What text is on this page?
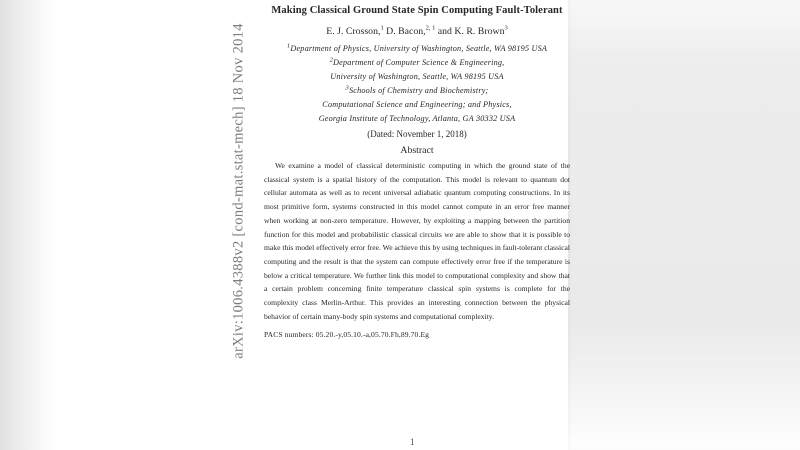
arXiv:1006.4388v2 [cond-mat.stat-mech] 18 Nov 2014
Making Classical Ground State Spin Computing Fault-Tolerant
E. J. Crosson,$^1$ D. Bacon,$^{2, 1}$ and K. R. Brown$^3$
$^1$Department of Physics, University of Washington, Seattle, WA 98195 USA
$^2$Department of Computer Science & Engineering,
University of Washington, Seattle, WA 98195 USA
$^3$Schools of Chemistry and Biochemistry;
Computational Science and Engineering; and Physics,
Georgia Institute of Technology, Atlanta, GA 30332 USA
(Dated: November 1, 2018)
Abstract

We examine a model of classical deterministic computing in which the ground state of the classical system is a spatial history of the computation. This model is relevant to quantum dot cellular automata as well as to recent universal adiabatic quantum computing constructions. In its most primitive form, systems constructed in this model cannot compute in an error free manner when working at non-zero temperature. However, by exploiting a mapping between the partition function for this model and probabilistic classical circuits we are able to show that it is possible to make this model effectively error free. We achieve this by using techniques in fault-tolerant classical computing and the result is that the system can compute effectively error free if the temperature is below a critical temperature. We further link this model to computational complexity and show that a certain problem concerning finite temperature classical spin systems is complete for the complexity class Merlin-Arthur. This provides an interesting connection between the physical behavior of certain many-body spin systems and computational complexity.

PACS numbers: 05.20.-y,05.10.-a,05.70.Fh,89.70.Eg
1
